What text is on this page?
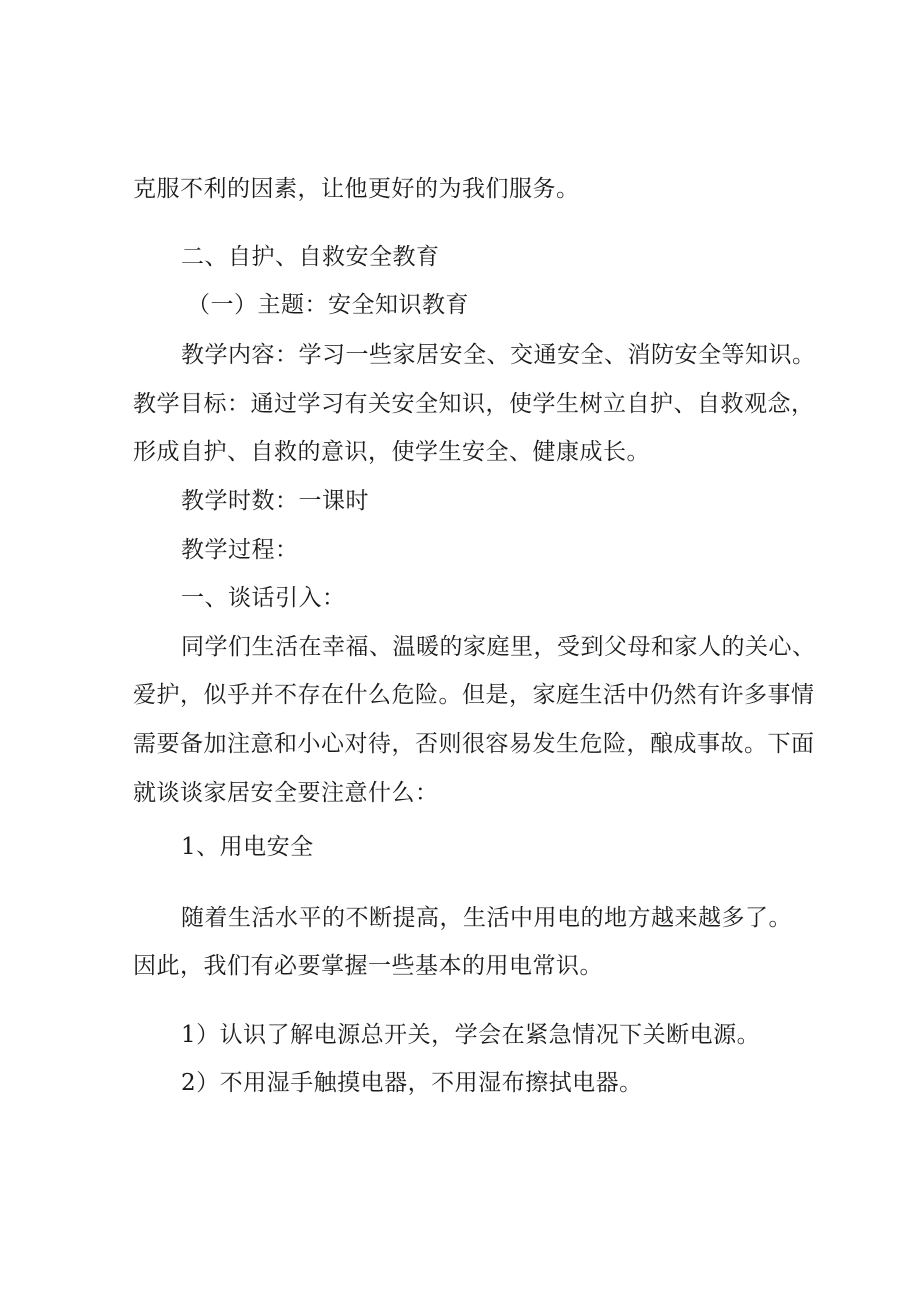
克服不利的因素，让他更好的为我们服务。

二、自护、自救安全教育

（一）主题：安全知识教育

教学内容：学习一些家居安全、交通安全、消防安全等知识。

教学目标：通过学习有关安全知识，使学生树立自护、自救观念，

形成自护、自救的意识，使学生安全、健康成长。

教学时数：一课时

教学过程：

一、谈话引入：

同学们生活在幸福、温暖的家庭里，受到父母和家人的关心、

爱护，似乎并不存在什么危险。但是，家庭生活中仍然有许多事情

需要备加注意和小心对待，否则很容易发生危险，酿成事故。下面

就谈谈家居安全要注意什么：

1、用电安全

随着生活水平的不断提高，生活中用电的地方越来越多了。

因此，我们有必要掌握一些基本的用电常识。

1）认识了解电源总开关，学会在紧急情况下关断电源。

2）不用湿手触摸电器，不用湿布擦拭电器。
